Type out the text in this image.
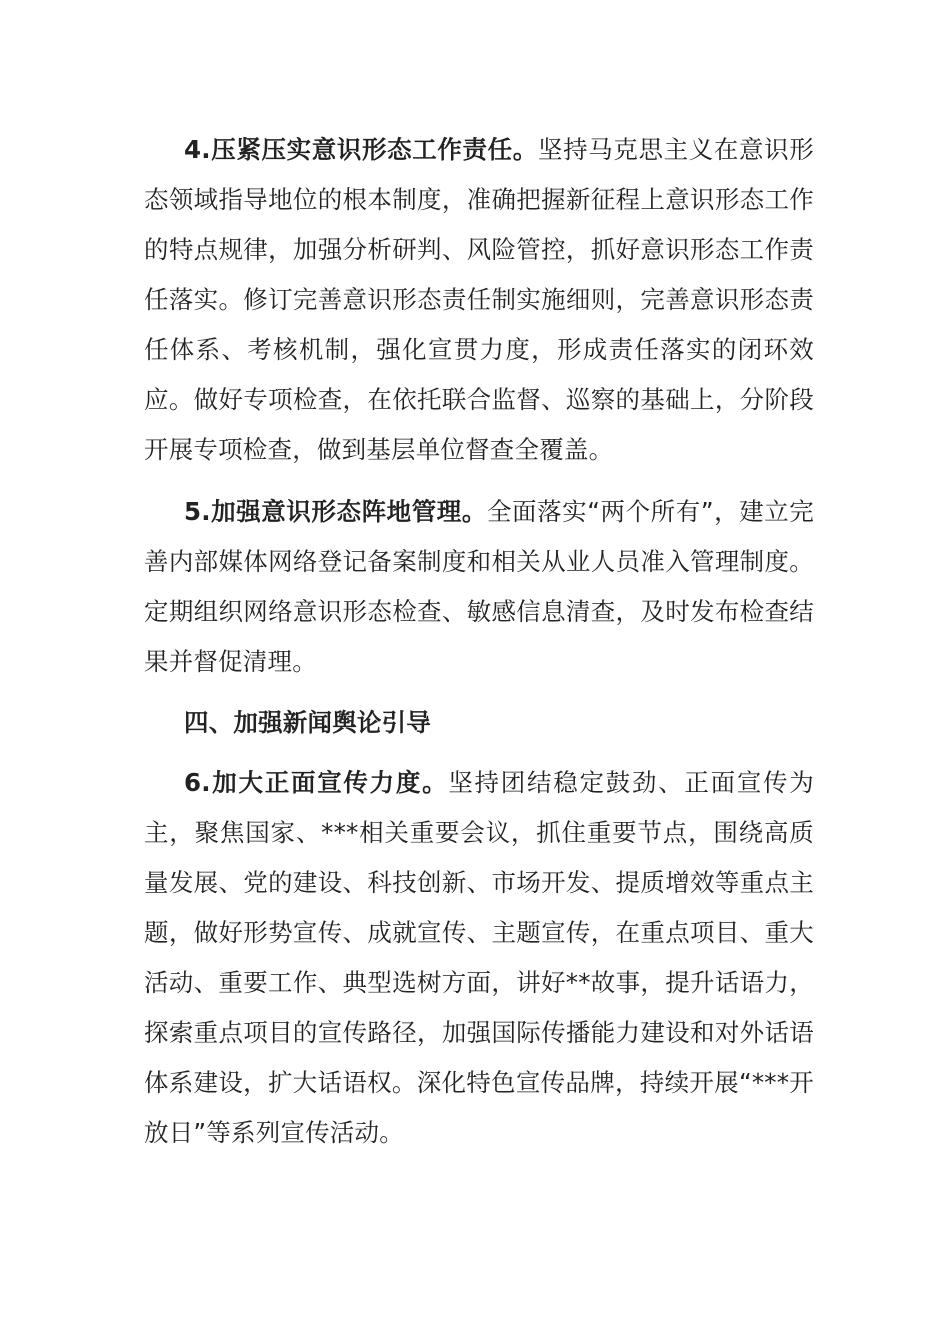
4.压紧压实意识形态工作责任。坚持马克思主义在意识形态领域指导地位的根本制度，准确把握新征程上意识形态工作的特点规律，加强分析研判、风险管控，抓好意识形态工作责任落实。修订完善意识形态责任制实施细则，完善意识形态责任体系、考核机制，强化宣贯力度，形成责任落实的闭环效应。做好专项检查，在依托联合监督、巡察的基础上，分阶段开展专项检查，做到基层单位督查全覆盖。

5.加强意识形态阵地管理。全面落实“两个所有”，建立完善内部媒体网络登记备案制度和相关从业人员准入管理制度。定期组织网络意识形态检查、敏感信息清查，及时发布检查结果并督促清理。

四、加强新闻舆论引导

6.加大正面宣传力度。坚持团结稳定鼓劲、正面宣传为主，聚焦国家、***相关重要会议，抓住重要节点，围绕高质量发展、党的建设、科技创新、市场开发、提质增效等重点主题，做好形势宣传、成就宣传、主题宣传，在重点项目、重大活动、重要工作、典型选树方面，讲好**故事，提升话语力，探索重点项目的宣传路径，加强国际传播能力建设和对外话语体系建设，扩大话语权。深化特色宣传品牌，持续开展“***开放日”等系列宣传活动。
